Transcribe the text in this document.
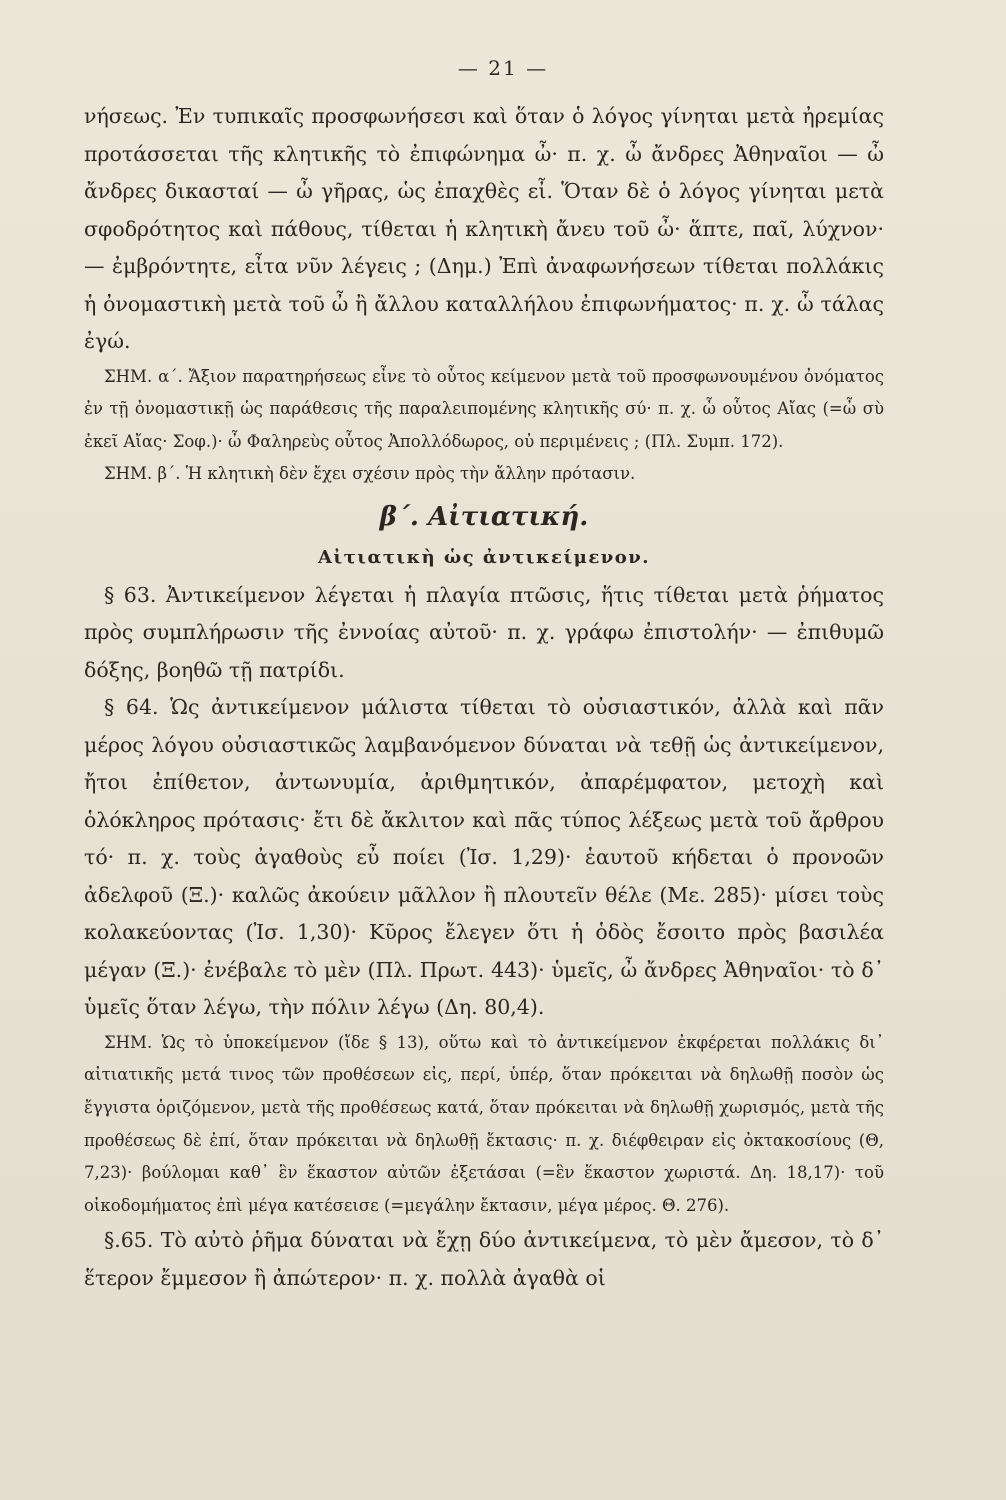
— 21 —

νήσεως. Ἐν τυπικαῖς προσφωνήσεσι καὶ ὅταν ὁ λόγος γίνηται μετὰ ἠρεμίας προτάσσεται τῆς κλητικῆς τὸ ἐπιφώνημα ὦ· π. χ. ὦ ἄνδρες Ἀθηναῖοι — ὦ ἄνδρες δικασταί — ὦ γῆρας, ὡς ἐπαχθὲς εἶ. Ὅταν δὲ ὁ λόγος γίνηται μετὰ σφοδρότητος καὶ πάθους, τίθεται ἡ κλητικὴ ἄνευ τοῦ ὦ· ἅπτε, παῖ, λύχνον· — ἐμβρόντητε, εἶτα νῦν λέγεις ; (Δημ.) Ἐπὶ ἀναφωνήσεων τίθεται πολλάκις ἡ ὀνομαστικὴ μετὰ τοῦ ὦ ἢ ἄλλου καταλλήλου ἐπιφωνήματος· π. χ. ὦ τάλας ἐγώ.

ΣΗΜ. α΄. Ἄξιον παρατηρήσεως εἶνε τὸ οὗτος κείμενον μετὰ τοῦ προσφωνουμένου ὀνόματος ἐν τῇ ὀνομαστικῇ ὡς παράθεσις τῆς παραλειπομένης κλητικῆς σύ· π. χ. ὦ οὗτος Αἴας (=ὦ σὺ ἐκεῖ Αἴας· Σοφ.)· ὦ Φαληρεὺς οὗτος Ἀπολλόδωρος, οὐ περιμένεις ; (Πλ. Συμπ. 172).

ΣΗΜ. β΄. Ἡ κλητικὴ δὲν ἔχει σχέσιν πρὸς τὴν ἄλλην πρότασιν.

β΄. Αἰτιατική.

Αἰτιατικὴ ὡς ἀντικείμενον.

§ 63. Ἀντικείμενον λέγεται ἡ πλαγία πτῶσις, ἥτις τίθεται μετὰ ῥήματος πρὸς συμπλήρωσιν τῆς ἐννοίας αὐτοῦ· π. χ. γράφω ἐπιστολήν· — ἐπιθυμῶ δόξης, βοηθῶ τῇ πατρίδι.

§ 64. Ὡς ἀντικείμενον μάλιστα τίθεται τὸ οὐσιαστικόν, ἀλλὰ καὶ πᾶν μέρος λόγου οὐσιαστικῶς λαμβανόμενον δύναται νὰ τεθῇ ὡς ἀντικείμενον, ἤτοι ἐπίθετον, ἀντωνυμία, ἀριθμητικόν, ἀπαρέμφατον, μετοχὴ καὶ ὁλόκληρος πρότασις· ἔτι δὲ ἄκλιτον καὶ πᾶς τύπος λέξεως μετὰ τοῦ ἄρθρου τό· π. χ. τοὺς ἀγαθοὺς εὖ ποίει (Ἰσ. 1,29)· ἑαυτοῦ κήδεται ὁ προνοῶν ἀδελφοῦ (Ξ.)· καλῶς ἀκούειν μᾶλλον ἢ πλουτεῖν θέλε (Με. 285)· μίσει τοὺς κολακεύοντας (Ἰσ. 1,30)· Κῦρος ἔλεγεν ὅτι ἡ ὁδὸς ἔσοιτο πρὸς βασιλέα μέγαν (Ξ.)· ἐνέβαλε τὸ μὲν (Πλ. Πρωτ. 443)· ὑμεῖς, ὦ ἄνδρες Ἀθηναῖοι· τὸ δ᾽ ὑμεῖς ὅταν λέγω, τὴν πόλιν λέγω (Δη. 80,4).

ΣΗΜ. Ὡς τὸ ὑποκείμενον (ἴδε § 13), οὕτω καὶ τὸ ἀντικείμενον ἐκφέρεται πολλάκις δι᾽ αἰτιατικῆς μετά τινος τῶν προθέσεων εἰς, περί, ὑπέρ, ὅταν πρόκειται νὰ δηλωθῇ ποσὸν ὡς ἔγγιστα ὁριζόμενον, μετὰ τῆς προθέσεως κατά, ὅταν πρόκειται νὰ δηλωθῇ χωρισμός, μετὰ τῆς προθέσεως δὲ ἐπί, ὅταν πρόκειται νὰ δηλωθῇ ἔκτασις· π. χ. διέφθειραν εἰς ὀκτακοσίους (Θ, 7,23)· βούλομαι καθ᾽ ἓν ἕκαστον αὐτῶν ἐξετάσαι (=ἓν ἕκαστον χωριστά. Δη. 18,17)· τοῦ οἰκοδομήματος ἐπὶ μέγα κατέσεισε (=μεγάλην ἔκτασιν, μέγα μέρος. Θ. 276).

§.65. Τὸ αὐτὸ ῥῆμα δύναται νὰ ἔχῃ δύο ἀντικείμενα, τὸ μὲν ἄμεσον, τὸ δ᾽ ἕτερον ἔμμεσον ἢ ἀπώτερον· π. χ. πολλὰ ἀγαθὰ οἱ
